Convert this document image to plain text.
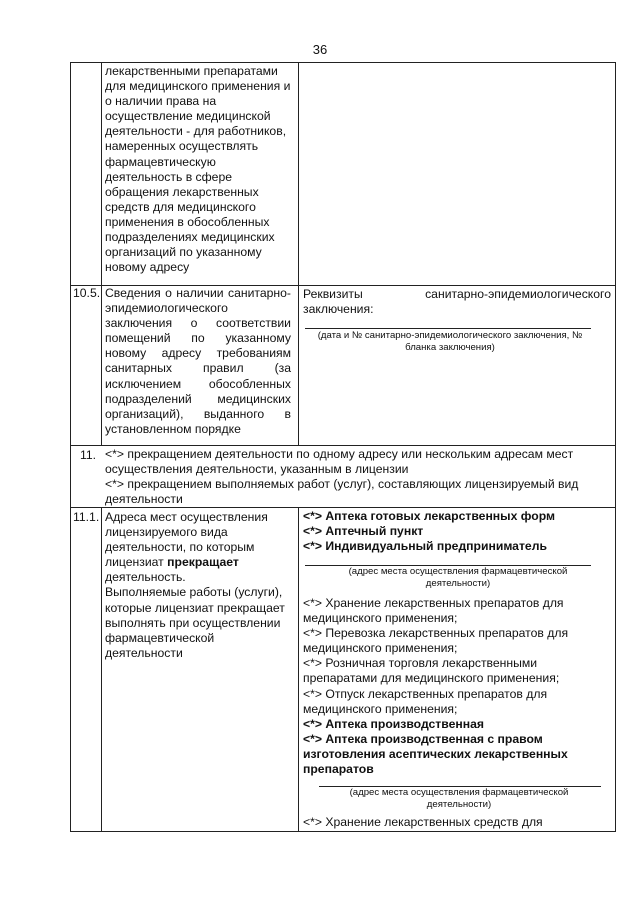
36
лекарственными препаратами для медицинского применения и о наличии права на осуществление медицинской деятельности - для работников, намеренных осуществлять фармацевтическую деятельность в сфере обращения лекарственных средств для медицинского применения в обособленных подразделениях медицинских организаций по указанному новому адресу
10.5. Сведения о наличии санитарно-эпидемиологического заключения о соответствии помещений по указанному новому адресу требованиям санитарных правил (за исключением обособленных подразделений медицинских организаций), выданного в установленном порядке
Реквизиты санитарно-эпидемиологического заключения:
(дата и № санитарно-эпидемиологического заключения, № бланка заключения)
11. <*> прекращением деятельности по одному адресу или нескольким адресам мест осуществления деятельности, указанным в лицензии

<*> прекращением выполняемых работ (услуг), составляющих лицензируемый вид деятельности

11.1. Адреса мест осуществления лицензируемого вида деятельности, по которым лицензиат прекращает деятельность.

Выполняемые работы (услуги), которые лицензиат прекращает выполнять при осуществлении фармацевтической деятельности

<*> Аптека готовых лекарственных форм

<*> Аптечный пункт

<*> Индивидуальный предприниматель

(адрес места осуществления фармацевтической деятельности)

<*> Хранение лекарственных препаратов для медицинского применения;

<*> Перевозка лекарственных препаратов для медицинского применения;

<*> Розничная торговля лекарственными препаратами для медицинского применения;

<*> Отпуск лекарственных препаратов для медицинского применения;

<*> Аптека производственная

<*> Аптека производственная с правом изготовления асептических лекарственных препаратов

(адрес места осуществления фармацевтической деятельности)
<*> Хранение лекарственных средств для
